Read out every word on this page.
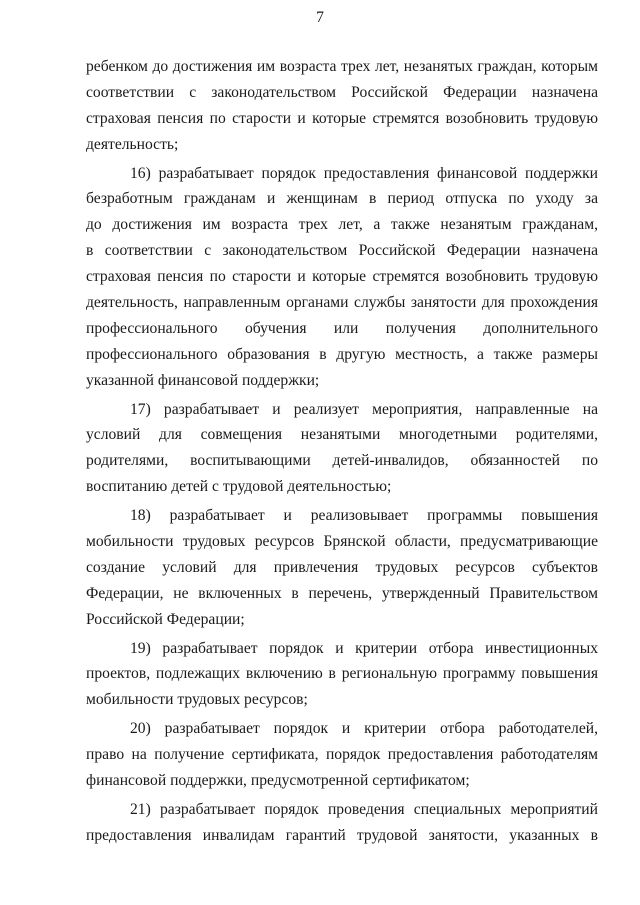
7

ребенком до достижения им возраста трех лет, незанятых граждан, которым
соответствии с законодательством Российской Федерации назначена
страховая пенсия по старости и которые стремятся возобновить трудовую
деятельность;

16) разрабатывает порядок предоставления финансовой поддержки
безработным гражданам и женщинам в период отпуска по уходу за
до достижения им возраста трех лет, а также незанятым гражданам,
в соответствии с законодательством Российской Федерации назначена
страховая пенсия по старости и которые стремятся возобновить трудовую
деятельность, направленным органами службы занятости для прохождения
профессионального обучения или получения дополнительного
профессионального образования в другую местность, а также размеры
указанной финансовой поддержки;

17) разрабатывает и реализует мероприятия, направленные на
условий для совмещения незанятыми многодетными родителями,
родителями, воспитывающими детей-инвалидов, обязанностей по
воспитанию детей с трудовой деятельностью;

18) разрабатывает и реализовывает программы повышения
мобильности трудовых ресурсов Брянской области, предусматривающие
создание условий для привлечения трудовых ресурсов субъектов
Федерации, не включенных в перечень, утвержденный Правительством
Российской Федерации;

19) разрабатывает порядок и критерии отбора инвестиционных
проектов, подлежащих включению в региональную программу повышения
мобильности трудовых ресурсов;

20) разрабатывает порядок и критерии отбора работодателей,
право на получение сертификата, порядок предоставления работодателям
финансовой поддержки, предусмотренной сертификатом;

21) разрабатывает порядок проведения специальных мероприятий
предоставления инвалидам гарантий трудовой занятости, указанных в
